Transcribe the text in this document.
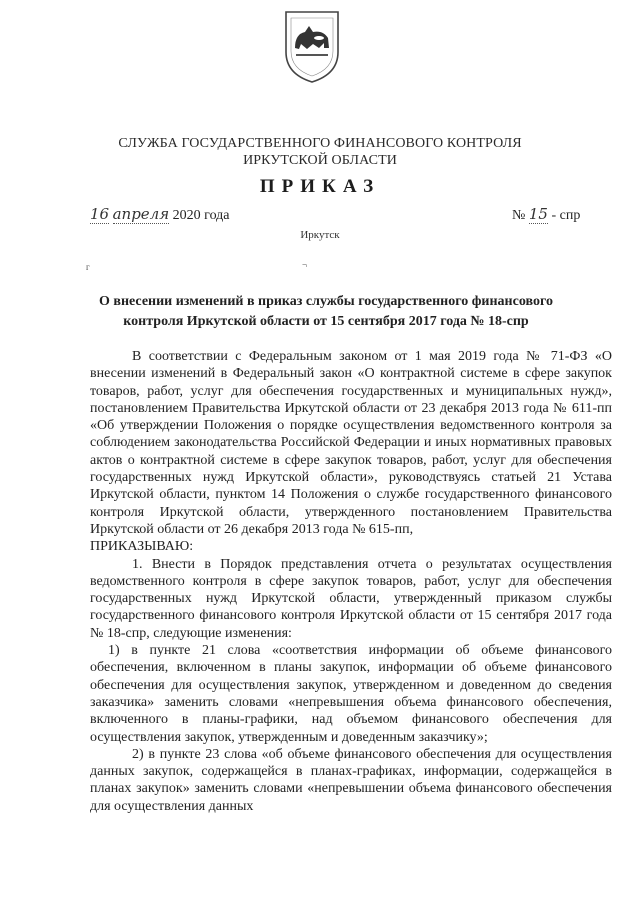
СЛУЖБА ГОСУДАРСТВЕННОГО ФИНАНСОВОГО КОНТРОЛЯ
ИРКУТСКОЙ ОБЛАСТИ
ПРИКАЗ
16 апреля 2020 года	№ 15 - спр
Иркутск
г	¬
О внесении изменений в приказ службы государственного финансового контроля Иркутской области от 15 сентября 2017 года № 18-спр

В соответствии с Федеральным законом от 1 мая 2019 года № 71-ФЗ «О внесении изменений в Федеральный закон «О контрактной системе в сфере закупок товаров, работ, услуг для обеспечения государственных и муниципальных нужд», постановлением Правительства Иркутской области от 23 декабря 2013 года № 611-пп «Об утверждении Положения о порядке осуществления ведомственного контроля за соблюдением законодательства Российской Федерации и иных нормативных правовых актов о контрактной системе в сфере закупок товаров, работ, услуг для обеспечения государственных нужд Иркутской области», руководствуясь статьей 21 Устава Иркутской области, пунктом 14 Положения о службе государственного финансового контроля Иркутской области, утвержденного постановлением Правительства Иркутской области от 26 декабря 2013 года № 615-пп,

ПРИКАЗЫВАЮ:

1. Внести в Порядок представления отчета о результатах осуществления ведомственного контроля в сфере закупок товаров, работ, услуг для обеспечения государственных нужд Иркутской области, утвержденный приказом службы государственного финансового контроля Иркутской области от 15 сентября 2017 года № 18-спр, следующие изменения:

1) в пункте 21 слова «соответствия информации об объеме финансового обеспечения, включенном в планы закупок, информации об объеме финансового обеспечения для осуществления закупок, утвержденном и доведенном до сведения заказчика» заменить словами «непревышения объема финансового обеспечения, включенного в планы-графики, над объемом финансового обеспечения для осуществления закупок, утвержденным и доведенным заказчику»;

2) в пункте 23 слова «об объеме финансового обеспечения для осуществления данных закупок, содержащейся в планах-графиках, информации, содержащейся в планах закупок» заменить словами «непревышении объема финансового обеспечения для осуществления данных
